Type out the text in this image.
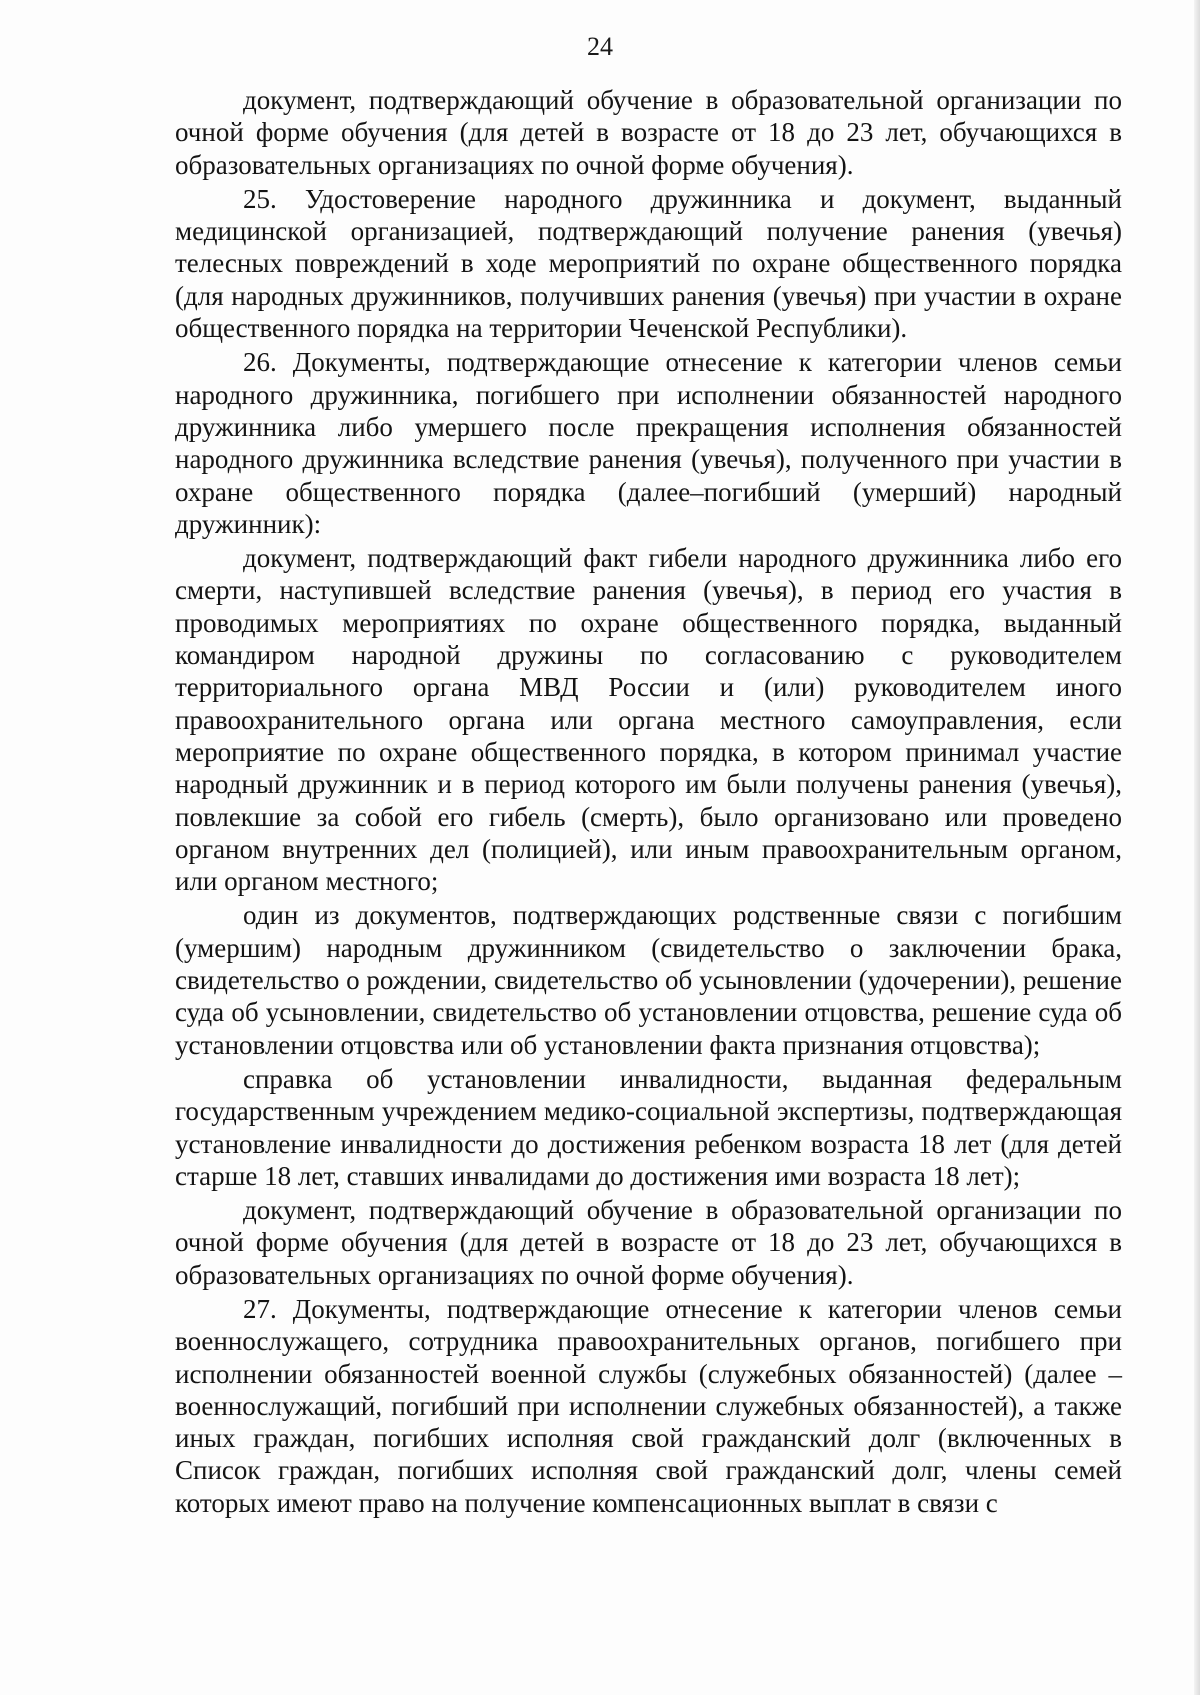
24

документ, подтверждающий обучение в образовательной организации по очной форме обучения (для детей в возрасте от 18 до 23 лет, обучающихся в образовательных организациях по очной форме обучения).

25. Удостоверение народного дружинника и документ, выданный медицинской организацией, подтверждающий получение ранения (увечья) телесных повреждений в ходе мероприятий по охране общественного порядка (для народных дружинников, получивших ранения (увечья) при участии в охране общественного порядка на территории Чеченской Республики).

26. Документы, подтверждающие отнесение к категории членов семьи народного дружинника, погибшего при исполнении обязанностей народного дружинника либо умершего после прекращения исполнения обязанностей народного дружинника вследствие ранения (увечья), полученного при участии в охране общественного порядка (далее–погибший (умерший) народный дружинник):

документ, подтверждающий факт гибели народного дружинника либо его смерти, наступившей вследствие ранения (увечья), в период его участия в проводимых мероприятиях по охране общественного порядка, выданный командиром народной дружины по согласованию с руководителем территориального органа МВД России и (или) руководителем иного правоохранительного органа или органа местного самоуправления, если мероприятие по охране общественного порядка, в котором принимал участие народный дружинник и в период которого им были получены ранения (увечья), повлекшие за собой его гибель (смерть), было организовано или проведено органом внутренних дел (полицией), или иным правоохранительным органом, или органом местного;

один из документов, подтверждающих родственные связи с погибшим (умершим) народным дружинником (свидетельство о заключении брака, свидетельство о рождении, свидетельство об усыновлении (удочерении), решение суда об усыновлении, свидетельство об установлении отцовства, решение суда об установлении отцовства или об установлении факта признания отцовства);

справка об установлении инвалидности, выданная федеральным государственным учреждением медико-социальной экспертизы, подтверждающая установление инвалидности до достижения ребенком возраста 18 лет (для детей старше 18 лет, ставших инвалидами до достижения ими возраста 18 лет);

документ, подтверждающий обучение в образовательной организации по очной форме обучения (для детей в возрасте от 18 до 23 лет, обучающихся в образовательных организациях по очной форме обучения).

27. Документы, подтверждающие отнесение к категории членов семьи военнослужащего, сотрудника правоохранительных органов, погибшего при исполнении обязанностей военной службы (служебных обязанностей) (далее – военнослужащий, погибший при исполнении служебных обязанностей), а также иных граждан, погибших исполняя свой гражданский долг (включенных в Список граждан, погибших исполняя свой гражданский долг, члены семей которых имеют право на получение компенсационных выплат в связи с
